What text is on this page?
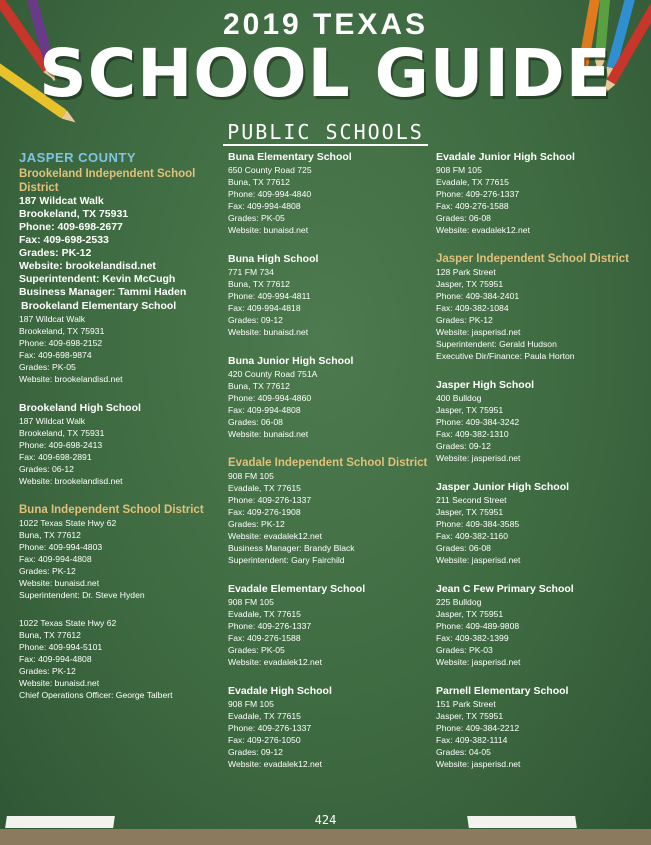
2019 TEXAS
SCHOOL GUIDE
PUBLIC SCHOOLS
JASPER COUNTY
Brookeland Independent School District
187 Wildcat Walk
Brookeland, TX 75931
Phone: 409-698-2677
Fax: 409-698-2533
Grades: PK-12
Website: brookelandisd.net
Superintendent: Kevin McCugh
Business Manager: Tammi Haden
Brookeland Elementary School
187 Wildcat Walk
Brookeland, TX 75931
Phone: 409-698-2152
Fax: 409-698-9874
Grades: PK-05
Website: brookelandisd.net
Brookeland High School
187 Wildcat Walk
Brookeland, TX 75931
Phone: 409-698-2413
Fax: 409-698-2891
Grades: 06-12
Website: brookelandisd.net
Buna Independent School District
1022 Texas State Hwy 62
Buna, TX 77612
Phone: 409-994-4803
Fax: 409-994-4808
Grades: PK-12
Website: bunaisd.net
Superintendent: Dr. Steve Hyden
1022 Texas State Hwy 62
Buna, TX 77612
Phone: 409-994-5101
Fax: 409-994-4808
Grades: PK-12
Website: bunaisd.net
Chief Operations Officer: George Talbert
Buna Elementary School
650 County Road 725
Buna, TX 77612
Phone: 409-994-4840
Fax: 409-994-4808
Grades: PK-05
Website: bunaisd.net
Buna High School
771 FM 734
Buna, TX 77612
Phone: 409-994-4811
Fax: 409-994-4818
Grades: 09-12
Website: bunaisd.net
Buna Junior High School
420 County Road 751A
Buna, TX 77612
Phone: 409-994-4860
Fax: 409-994-4808
Grades: 06-08
Website: bunaisd.net
Evadale Independent School District
908 FM 105
Evadale, TX 77615
Phone: 409-276-1337
Fax: 409-276-1908
Grades: PK-12
Website: evadalek12.net
Business Manager: Brandy Black
Superintendent: Gary Fairchild
Evadale Elementary School
908 FM 105
Evadale, TX 77615
Phone: 409-276-1337
Fax: 409-276-1588
Grades: PK-05
Website: evadalek12.net
Evadale High School
908 FM 105
Evadale, TX 77615
Phone: 409-276-1337
Fax: 409-276-1050
Grades: 09-12
Website: evadalek12.net
Evadale Junior High School
908 FM 105
Evadale, TX 77615
Phone: 409-276-1337
Fax: 409-276-1588
Grades: 06-08
Website: evadalek12.net
Jasper Independent School District
128 Park Street
Jasper, TX 75951
Phone: 409-384-2401
Fax: 409-382-1084
Grades: PK-12
Website: jasperisd.net
Superintendent: Gerald Hudson
Executive Dir/Finance: Paula Horton
Jasper High School
400 Bulldog
Jasper, TX 75951
Phone: 409-384-3242
Fax: 409-382-1310
Grades: 09-12
Website: jasperisd.net
Jasper Junior High School
211 Second Street
Jasper, TX 75951
Phone: 409-384-3585
Fax: 409-382-1160
Grades: 06-08
Website: jasperisd.net
Jean C Few Primary School
225 Bulldog
Jasper, TX 75951
Phone: 409-489-9808
Fax: 409-382-1399
Grades: PK-03
Website: jasperisd.net
Parnell Elementary School
151 Park Street
Jasper, TX 75951
Phone: 409-384-2212
Fax: 409-382-1114
Grades: 04-05
Website: jasperisd.net
424
